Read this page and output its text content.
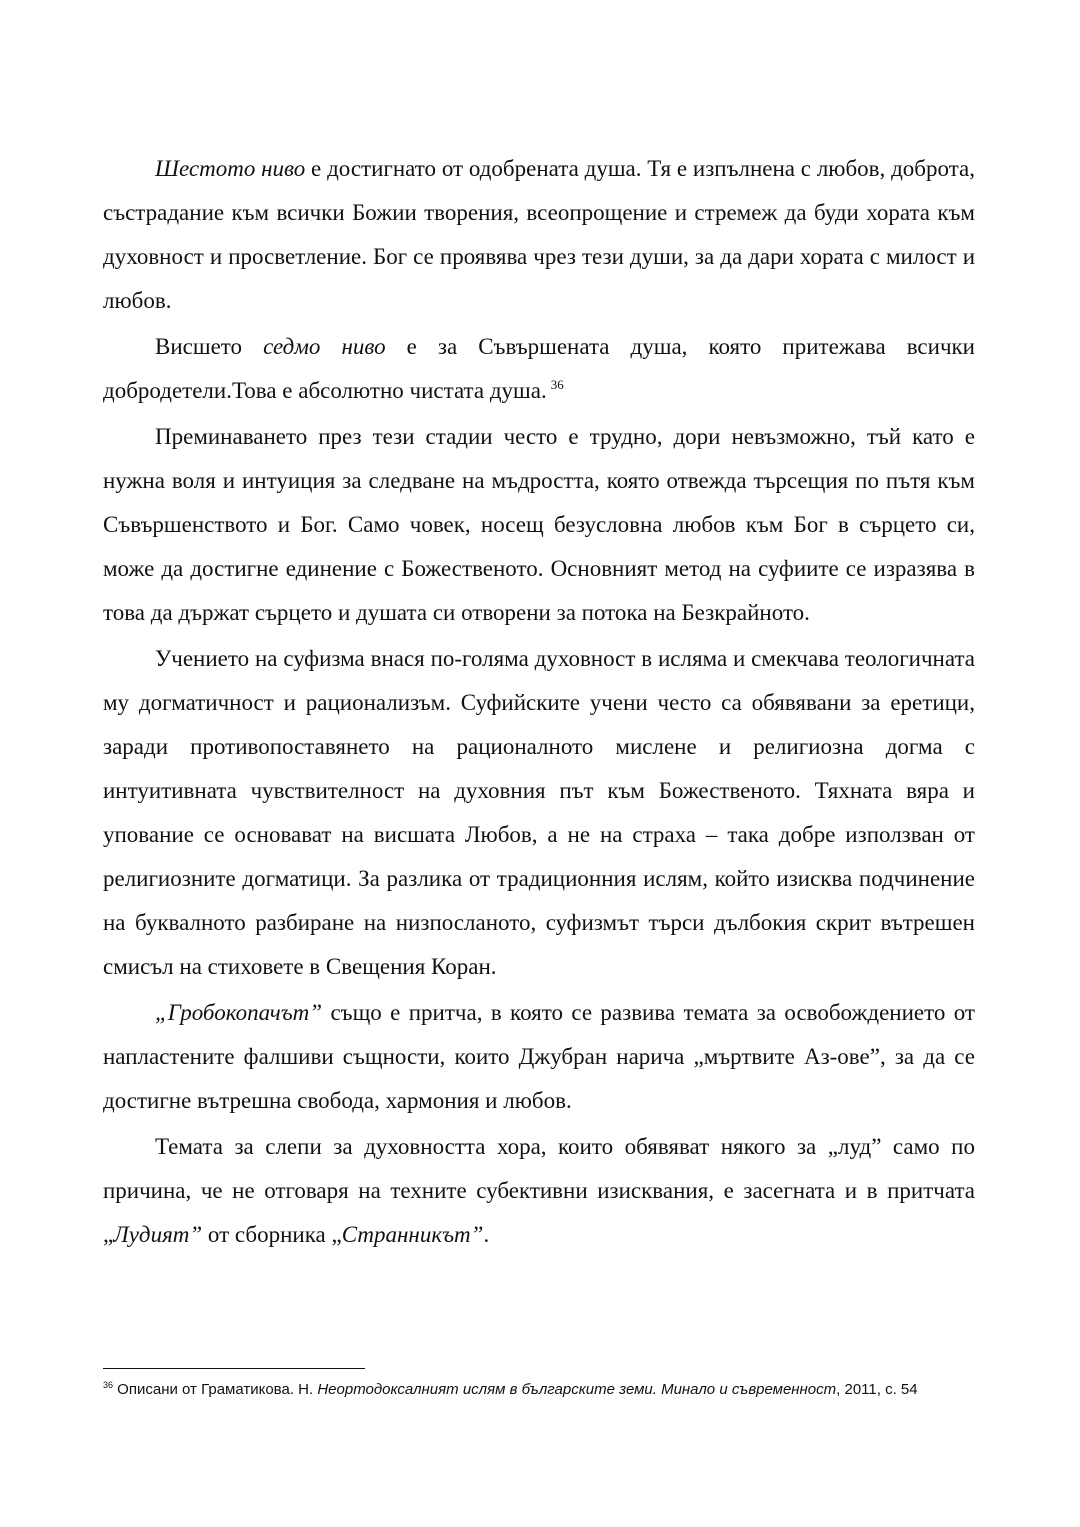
Шестото ниво е достигнато от одобрената душа. Тя е изпълнена с любов, доброта, състрадание към всички Божии творения, всеопрощение и стремеж да буди хората към духовност и просветление. Бог се проявява чрез тези души, за да дари хората с милост и любов.

Висшето седмо ниво е за Съвършената душа, която притежава всички добродетели.Това е абсолютно чистата душа. $^{36}$

Преминаването през тези стадии често е трудно, дори невъзможно, тъй като е нужна воля и интуиция за следване на мъдростта, която отвежда търсещия по пътя към Съвършенството и Бог. Само човек, носещ безусловна любов към Бог в сърцето си, може да достигне единение с Божественото. Основният метод на суфиите се изразява в това да държат сърцето и душата си отворени за потока на Безкрайното.

Учението на суфизма внася по-голяма духовност в исляма и смекчава теологичната му догматичност и рационализъм. Суфийските учени често са обявявани за еретици, заради противопоставянето на рационалното мислене и религиозна догма с интуитивната чувствителност на духовния път към Божественото. Тяхната вяра и упование се основават на висшата Любов, а не на страха – така добре използван от религиозните догматици. За разлика от традиционния ислям, който изисква подчинение на буквалното разбиране на низпосланото, суфизмът търси дълбокия скрит вътрешен смисъл на стиховете в Свещения Коран.

„Гробокопачът” също е притча, в която се развива темата за освобождението от напластените фалшиви същности, които Джубран нарича „мъртвите Аз-ове”, за да се достигне вътрешна свобода, хармония и любов.

Темата за слепи за духовността хора, които обявяват някого за „луд” само по причина, че не отговаря на техните субективни изисквания, е засегната и в притчата „Лудият” от сборника „Странникът”.

$^{36}$ Описани от Граматикова. Н. Неортодоксалният ислям в българските земи. Минало и съвременност, 2011, с. 54
